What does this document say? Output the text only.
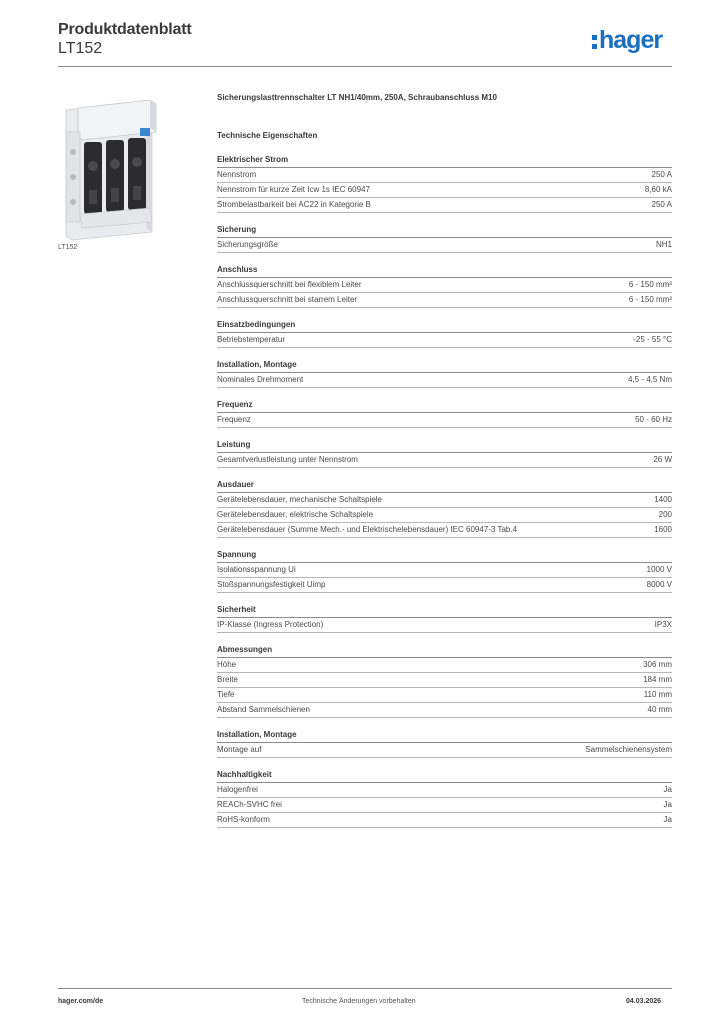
Produktdatenblatt
LT152	hager
LT152
Sicherungslasttrennschalter LT NH1/40mm, 250A, Schraubanschluss M10
Technische Eigenschaften
Elektrischer Strom
Nennstrom	250 A
Nennstrom für kurze Zeit Icw 1s IEC 60947	8,60 kA
Strombelastbarkeit bei AC22 in Kategorie B	250 A
Sicherung
Sicherungsgröße	NH1
Anschluss
Anschlussquerschnitt bei flexiblem Leiter	6 - 150 mm²
Anschlussquerschnitt bei starrem Leiter	6 - 150 mm²
Einsatzbedingungen
Betriebstemperatur	-25 - 55 °C
Installation, Montage
Nominales Drehmoment	4,5 - 4,5 Nm
Frequenz
Frequenz	50 - 60 Hz
Leistung
Gesamtverlustleistung unter Nennstrom	26 W
Ausdauer
Gerätelebensdauer, mechanische Schaltspiele	1400
Gerätelebensdauer, elektrische Schaltspiele	200
Gerätelebensdauer (Summe Mech.- und Elektrischelebensdauer) IEC 60947-3 Tab.4	1600
Spannung
Isolationsspannung Ui	1000 V
Stoßspannungsfestigkeit Uimp	8000 V
Sicherheit
IP-Klasse (Ingress Protection)	IP3X
Abmessungen
Höhe	306 mm
Breite	184 mm
Tiefe	110 mm
Abstand Sammelschienen	40 mm
Installation, Montage
Montage auf	Sammelschienensystem
Nachhaltigkeit
Halogenfrei	Ja
REACh-SVHC frei	Ja
RoHS-konform	Ja
hager.com/de	Technische Änderungen vorbehalten	04.03.2026
